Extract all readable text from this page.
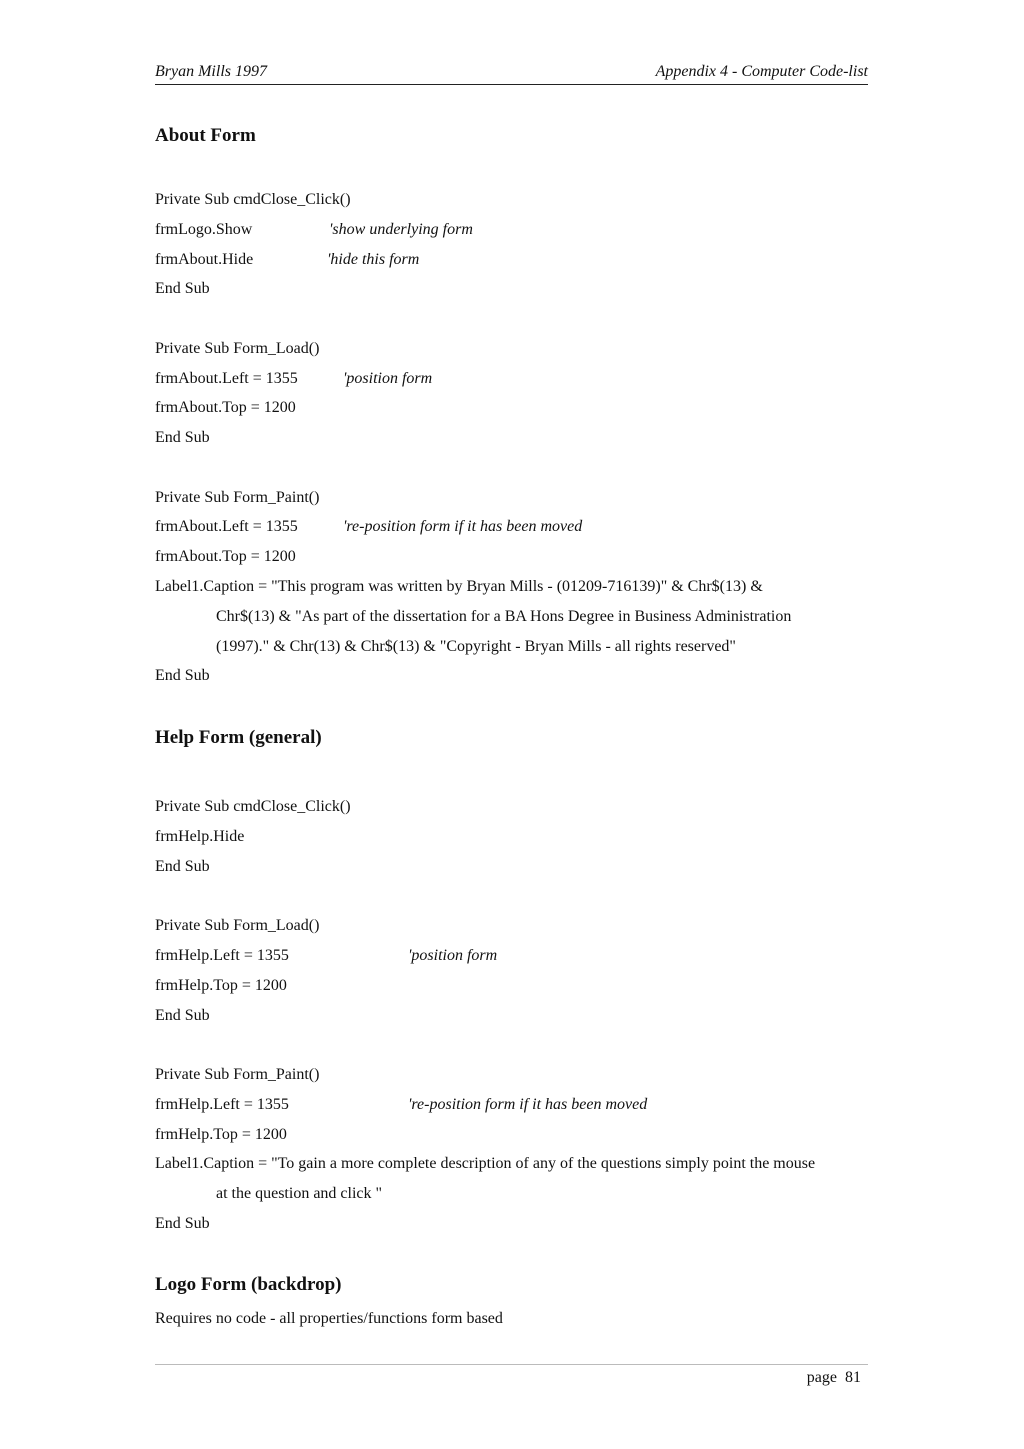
Bryan Mills 1997	Appendix 4 - Computer Code-list
About Form
Private Sub cmdClose_Click()
frmLogo.Show	'show underlying form
frmAbout.Hide	'hide this form
End Sub
Private Sub Form_Load()
frmAbout.Left = 1355	'position form
frmAbout.Top = 1200
End Sub
Private Sub Form_Paint()
frmAbout.Left = 1355	're-position form if it has been moved
frmAbout.Top = 1200
Label1.Caption = "This program was written by Bryan Mills - (01209-716139)" & Chr$(13) &
Chr$(13) & "As part of the dissertation for a BA Hons Degree in Business Administration
(1997)." & Chr(13) & Chr$(13) & "Copyright - Bryan Mills - all rights reserved"
End Sub
Help Form (general)
Private Sub cmdClose_Click()
frmHelp.Hide
End Sub
Private Sub Form_Load()
frmHelp.Left = 1355	'position form
frmHelp.Top = 1200
End Sub
Private Sub Form_Paint()
frmHelp.Left = 1355	're-position form if it has been moved
frmHelp.Top = 1200
Label1.Caption = "To gain a more complete description of any of the questions simply point the mouse
at the question and click "
End Sub
Logo Form (backdrop)
Requires no code - all properties/functions form based
page 81
